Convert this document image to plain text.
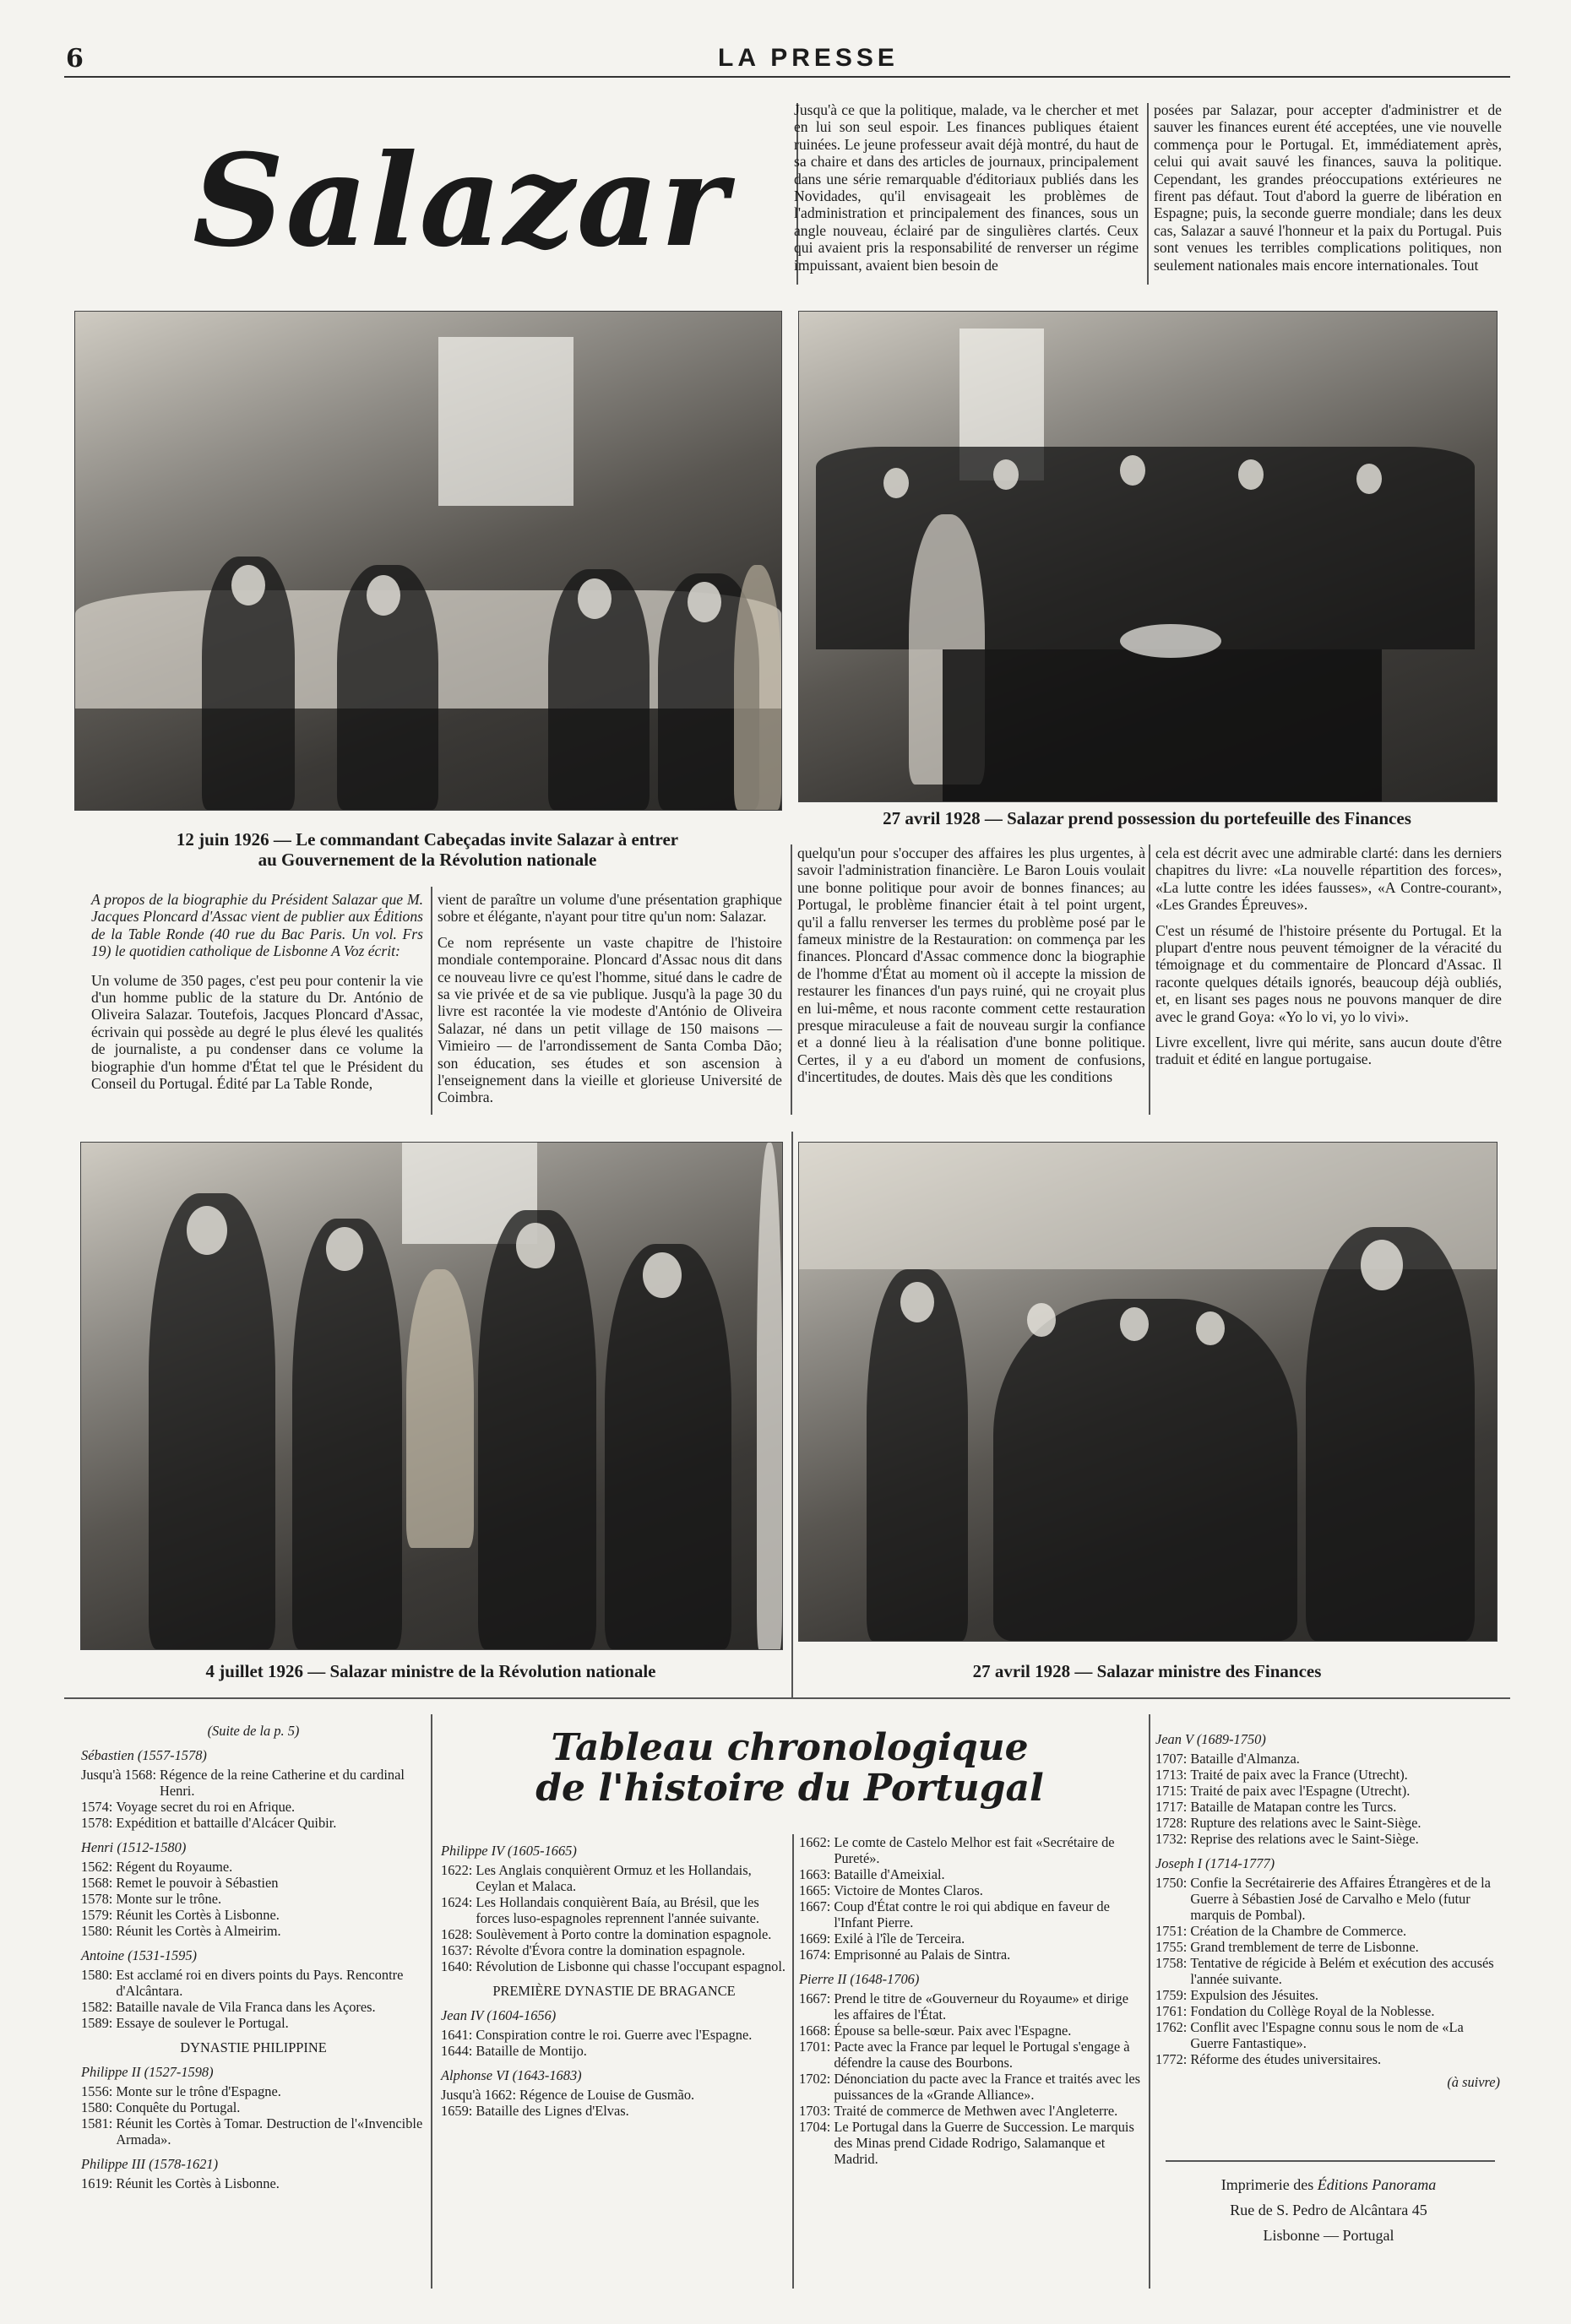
6	LA PRESSE
Salazar

Jusqu'à ce que la politique, malade, va le chercher et met en lui son seul espoir. Les finances publiques étaient ruinées. Le jeune professeur avait déjà montré, du haut de sa chaire et dans des articles de journaux, principalement dans une série remarquable d'éditoriaux publiés dans les Novidades, qu'il envisageait les problèmes de l'administration et principalement des finances, sous un angle nouveau, éclairé par de singulières clartés. Ceux qui avaient pris la responsabilité de renverser un régime impuissant, avaient bien besoin de

posées par Salazar, pour accepter d'administrer et de sauver les finances eurent été acceptées, une vie nouvelle commença pour le Portugal. Et, immédiatement après, celui qui avait sauvé les finances, sauva la politique. Cependant, les grandes préoccupations extérieures ne firent pas défaut. Tout d'abord la guerre de libération en Espagne; puis, la seconde guerre mondiale; dans les deux cas, Salazar a sauvé l'honneur et la paix du Portugal. Puis sont venues les terribles complications politiques, non seulement nationales mais encore internationales. Tout

12 juin 1926 — Le commandant Cabeçadas invite Salazar à entrer
au Gouvernement de la Révolution nationale
27 avril 1928 — Salazar prend possession du portefeuille des Finances

A propos de la biographie du Président Salazar que M. Jacques Ploncard d'Assac vient de publier aux Éditions de la Table Ronde (40 rue du Bac Paris. Un vol. Frs 19) le quotidien catholique de Lisbonne A Voz écrit:

Un volume de 350 pages, c'est peu pour contenir la vie d'un homme public de la stature du Dr. António de Oliveira Salazar. Toutefois, Jacques Ploncard d'Assac, écrivain qui possède au degré le plus élevé les qualités de journaliste, a pu condenser dans ce volume la biographie d'un homme d'État tel que le Président du Conseil du Portugal. Édité par La Table Ronde,

vient de paraître un volume d'une présentation graphique sobre et élégante, n'ayant pour titre qu'un nom: Salazar.

Ce nom représente un vaste chapitre de l'histoire mondiale contemporaine. Ploncard d'Assac nous dit dans ce nouveau livre ce qu'est l'homme, situé dans le cadre de sa vie privée et de sa vie publique. Jusqu'à la page 30 du livre est racontée la vie modeste d'António de Oliveira Salazar, né dans un petit village de 150 maisons — Vimieiro — de l'arrondissement de Santa Comba Dão; son éducation, ses études et son ascension à l'enseignement dans la vieille et glorieuse Université de Coimbra.

quelqu'un pour s'occuper des affaires les plus urgentes, à savoir l'administration financière. Le Baron Louis voulait une bonne politique pour avoir de bonnes finances; au Portugal, le problème financier était à tel point urgent, qu'il a fallu renverser les termes du problème posé par le fameux ministre de la Restauration: on commença par les finances. Ploncard d'Assac commence donc la biographie de l'homme d'État au moment où il accepte la mission de restaurer les finances d'un pays ruiné, qui ne croyait plus en lui-même, et nous raconte comment cette restauration presque miraculeuse a fait de nouveau surgir la confiance et a donné lieu à la réalisation d'une bonne politique. Certes, il y a eu d'abord un moment de confusions, d'incertitudes, de doutes. Mais dès que les conditions

cela est décrit avec une admirable clarté: dans les derniers chapitres du livre: «La nouvelle répartition des forces», «La lutte contre les idées fausses», «A Contre-courant», «Les Grandes Épreuves».

C'est un résumé de l'histoire présente du Portugal. Et la plupart d'entre nous peuvent témoigner de la véracité du témoignage et du commentaire de Ploncard d'Assac. Il raconte quelques détails ignorés, beaucoup déjà oubliés, et, en lisant ses pages nous ne pouvons manquer de dire avec le grand Goya: «Yo lo vi, yo lo vivi».

Livre excellent, livre qui mérite, sans aucun doute d'être traduit et édité en langue portugaise.

4 juillet 1926 — Salazar ministre de la Révolution nationale	27 avril 1928 — Salazar ministre des Finances
Tableau chronologique
de l'histoire du Portugal
(Suite de la p. 5)
Sébastien (1557-1578)
Jusqu'à 1568: Régence de la reine Catherine et du cardinal Henri.
1574: Voyage secret du roi en Afrique.
1578: Expédition et battaille d'Alcácer Quibir.
Henri (1512-1580)
1562: Régent du Royaume.
1568: Remet le pouvoir à Sébastien
1578: Monte sur le trône.
1579: Réunit les Cortès à Lisbonne.
1580: Réunit les Cortès à Almeirim.
Antoine (1531-1595)
1580: Est acclamé roi en divers points du Pays. Rencontre d'Alcântara.
1582: Bataille navale de Vila Franca dans les Açores.
1589: Essaye de soulever le Portugal.
DYNASTIE PHILIPPINE
Philippe II (1527-1598)
1556: Monte sur le trône d'Espagne.
1580: Conquête du Portugal.
1581: Réunit les Cortès à Tomar. Destruction de l'«Invencible Armada».
Philippe III (1578-1621)
1619: Réunit les Cortès à Lisbonne.
Philippe IV (1605-1665)
1622: Les Anglais conquièrent Ormuz et les Hollandais, Ceylan et Malaca.
1624: Les Hollandais conquièrent Baía, au Brésil, que les forces luso-espagnoles reprennent l'année suivante.
1628: Soulèvement à Porto contre la domination espagnole.
1637: Révolte d'Évora contre la domination espagnole.
1640: Révolution de Lisbonne qui chasse l'occupant espagnol.
PREMIÈRE DYNASTIE DE BRAGANCE
Jean IV (1604-1656)
1641: Conspiration contre le roi. Guerre avec l'Espagne.
1644: Bataille de Montijo.
Alphonse VI (1643-1683)
Jusqu'à 1662: Régence de Louise de Gusmão.
1659: Bataille des Lignes d'Elvas.
1662: Le comte de Castelo Melhor est fait «Secrétaire de Pureté».
1663: Bataille d'Ameixial.
1665: Victoire de Montes Claros.
1667: Coup d'État contre le roi qui abdique en faveur de l'Infant Pierre.
1669: Exilé à l'île de Terceira.
1674: Emprisonné au Palais de Sintra.
Pierre II (1648-1706)
1667: Prend le titre de «Gouverneur du Royaume» et dirige les affaires de l'État.
1668: Épouse sa belle-sœur. Paix avec l'Espagne.
1701: Pacte avec la France par lequel le Portugal s'engage à défendre la cause des Bourbons.
1702: Dénonciation du pacte avec la France et traités avec les puissances de la «Grande Alliance».
1703: Traité de commerce de Methwen avec l'Angleterre.
1704: Le Portugal dans la Guerre de Succession. Le marquis des Minas prend Cidade Rodrigo, Salamanque et Madrid.
Jean V (1689-1750)
1707: Bataille d'Almanza.
1713: Traité de paix avec la France (Utrecht).
1715: Traité de paix avec l'Espagne (Utrecht).
1717: Bataille de Matapan contre les Turcs.
1728: Rupture des relations avec le Saint-Siège.
1732: Reprise des relations avec le Saint-Siège.
Joseph I (1714-1777)
1750: Confie la Secrétairerie des Affaires Étrangères et de la Guerre à Sébastien José de Carvalho e Melo (futur marquis de Pombal).
1751: Création de la Chambre de Commerce.
1755: Grand tremblement de terre de Lisbonne.
1758: Tentative de régicide à Belém et exécution des accusés l'année suivante.
1759: Expulsion des Jésuites.
1761: Fondation du Collège Royal de la Noblesse.
1762: Conflit avec l'Espagne connu sous le nom de «La Guerre Fantastique».
1772: Réforme des études universitaires.
(à suivre)
Imprimerie des Éditions Panorama
Rue de S. Pedro de Alcântara 45
Lisbonne — Portugal
